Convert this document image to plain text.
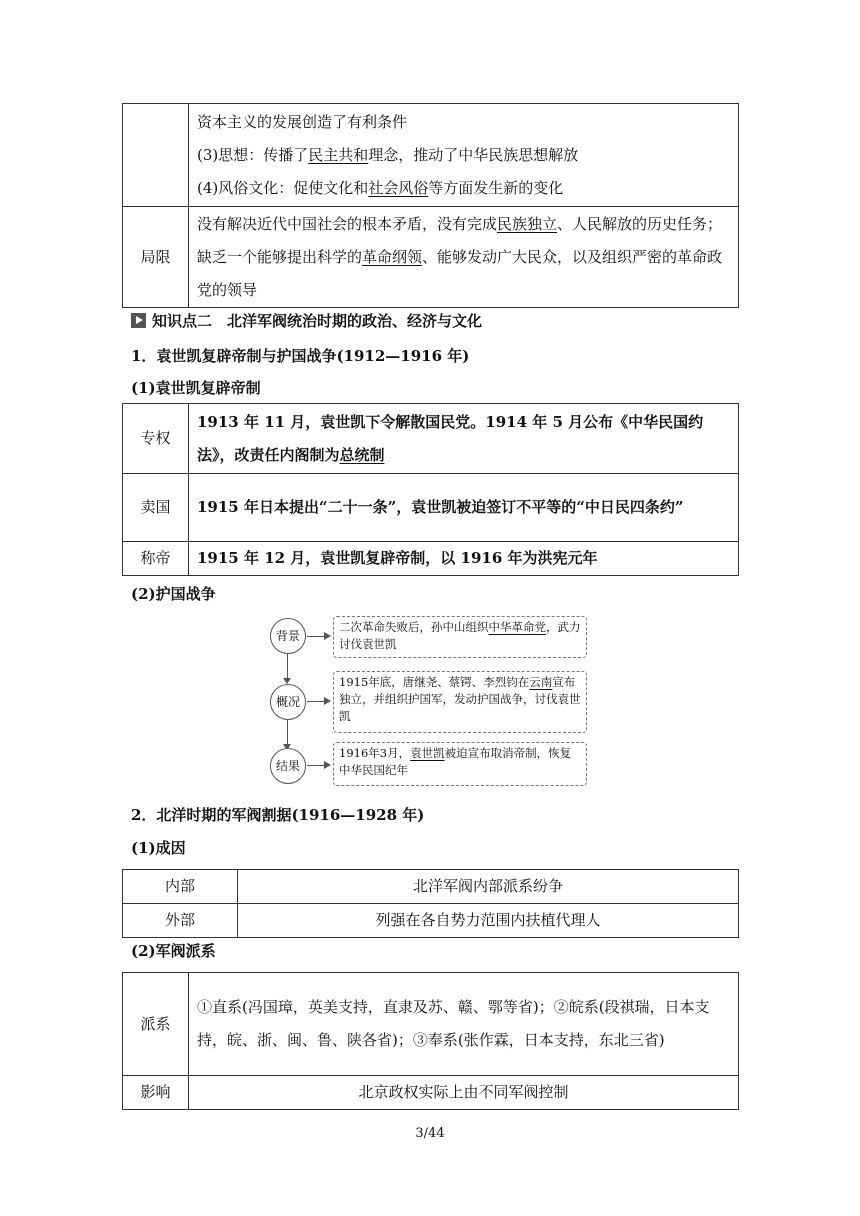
	资本主义的发展创造了有利条件
(3)思想：传播了民主共和理念，推动了中华民族思想解放
(4)风俗文化：促使文化和社会风俗等方面发生新的变化

局限	没有解决近代中国社会的根本矛盾，没有完成民族独立、人民解放的历史任务；缺乏一个能够提出科学的革命纲领、能够发动广大民众，以及组织严密的革命政党的领导
知识点二　北洋军阀统治时期的政治、经济与文化
1．袁世凯复辟帝制与护国战争(1912—1916 年)
(1)袁世凯复辟帝制
专权	1913 年 11 月，袁世凯下令解散国民党。1914 年 5 月公布《中华民国约法》，改责任内阁制为总统制
卖国	1915 年日本提出“二十一条”，袁世凯被迫签订不平等的“中日民四条约”
称帝	1915 年 12 月，袁世凯复辟帝制，以 1916 年为洪宪元年
(2)护国战争
背景
二次革命失败后，孙中山组织中华革命党，武力讨伐袁世凯
概况
1915年底，唐继尧、蔡锷、李烈钧在云南宣布独立，并组织护国军，发动护国战争，讨伐袁世凯
结果
1916年3月，袁世凯被迫宣布取消帝制，恢复中华民国纪年
2．北洋时期的军阀割据(1916—1928 年)
(1)成因
内部	北洋军阀内部派系纷争
外部	列强在各自势力范围内扶植代理人
(2)军阀派系
派系	①直系(冯国璋，英美支持，直隶及苏、赣、鄂等省)；②皖系(段祺瑞，日本支持，皖、浙、闽、鲁、陕各省)；③奉系(张作霖，日本支持，东北三省)
影响	北京政权实际上由不同军阀控制
3/44
